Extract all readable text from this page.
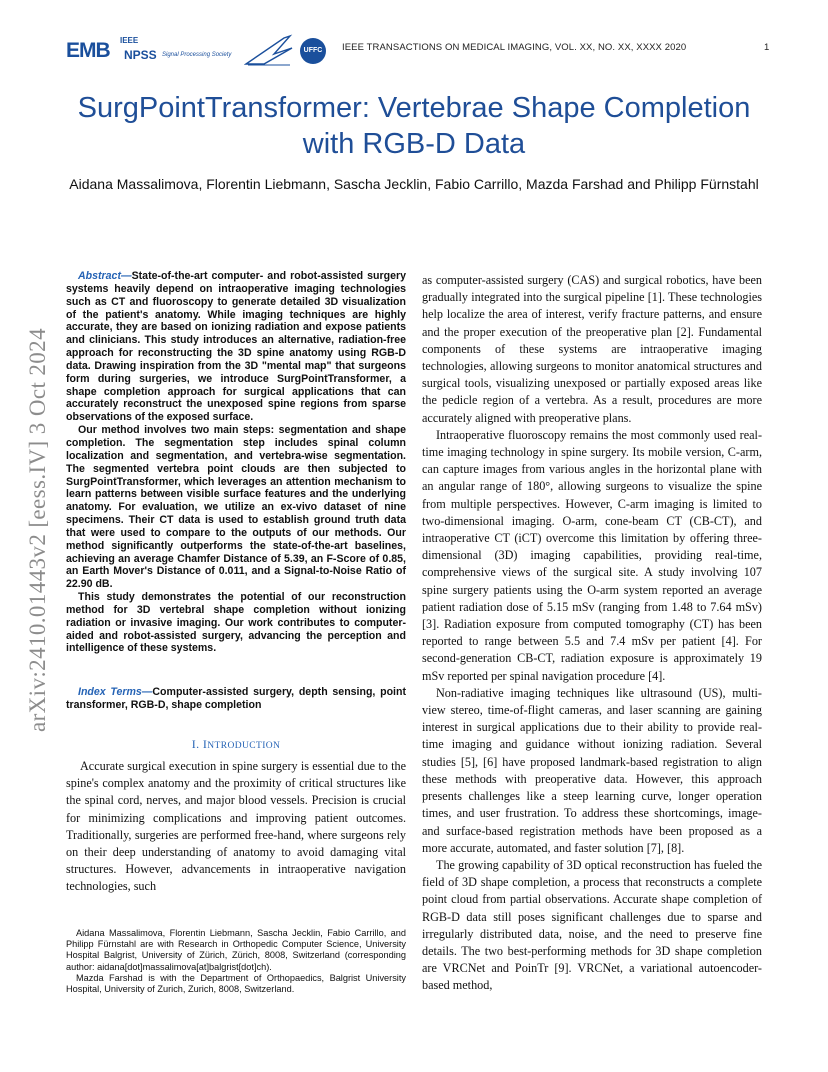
EMB IEEE
NPSS Signal Processing Society
UFFC	IEEE TRANSACTIONS ON MEDICAL IMAGING, VOL. XX, NO. XX, XXXX 2020	1
SurgPointTransformer: Vertebrae Shape Completion with RGB-D Data
Aidana Massalimova, Florentin Liebmann, Sascha Jecklin, Fabio Carrillo, Mazda Farshad and Philipp Fürnstahl
arXiv:2410.01443v2 [eess.IV] 3 Oct 2024

Abstract—State-of-the-art computer- and robot-assisted surgery systems heavily depend on intraoperative imaging technologies such as CT and fluoroscopy to generate detailed 3D visualization of the patient's anatomy. While imaging techniques are highly accurate, they are based on ionizing radiation and expose patients and clinicians. This study introduces an alternative, radiation-free approach for reconstructing the 3D spine anatomy using RGB-D data. Drawing inspiration from the 3D "mental map" that surgeons form during surgeries, we introduce SurgPointTransformer, a shape completion approach for surgical applications that can accurately reconstruct the unexposed spine regions from sparse observations of the exposed surface.

Our method involves two main steps: segmentation and shape completion. The segmentation step includes spinal column localization and segmentation, and vertebra-wise segmentation. The segmented vertebra point clouds are then subjected to SurgPointTransformer, which leverages an attention mechanism to learn patterns between visible surface features and the underlying anatomy. For evaluation, we utilize an ex-vivo dataset of nine specimens. Their CT data is used to establish ground truth data that were used to compare to the outputs of our methods. Our method significantly outperforms the state-of-the-art baselines, achieving an average Chamfer Distance of 5.39, an F-Score of 0.85, an Earth Mover's Distance of 0.011, and a Signal-to-Noise Ratio of 22.90 dB.

This study demonstrates the potential of our reconstruction method for 3D vertebral shape completion without ionizing radiation or invasive imaging. Our work contributes to computer-aided and robot-assisted surgery, advancing the perception and intelligence of these systems.

Index Terms—Computer-assisted surgery, depth sensing, point transformer, RGB-D, shape completion

I. INTRODUCTION

Accurate surgical execution in spine surgery is essential due to the spine's complex anatomy and the proximity of critical structures like the spinal cord, nerves, and major blood vessels. Precision is crucial for minimizing complications and improving patient outcomes. Traditionally, surgeries are performed free-hand, where surgeons rely on their deep understanding of anatomy to avoid damaging vital structures. However, advancements in intraoperative navigation technologies, such

Aidana Massalimova, Florentin Liebmann, Sascha Jecklin, Fabio Carrillo, and Philipp Fürnstahl are with Research in Orthopedic Computer Science, University Hospital Balgrist, University of Zürich, Zürich, 8008, Switzerland (corresponding author: aidana[dot]massalimova[at]balgrist[dot]ch).

Mazda Farshad is with the Department of Orthopaedics, Balgrist University Hospital, University of Zurich, Zurich, 8008, Switzerland.

as computer-assisted surgery (CAS) and surgical robotics, have been gradually integrated into the surgical pipeline [1]. These technologies help localize the area of interest, verify fracture patterns, and ensure and the proper execution of the preoperative plan [2]. Fundamental components of these systems are intraoperative imaging technologies, allowing surgeons to monitor anatomical structures and surgical tools, visualizing unexposed or partially exposed areas like the pedicle region of a vertebra. As a result, procedures are more accurately aligned with preoperative plans.

Intraoperative fluoroscopy remains the most commonly used real-time imaging technology in spine surgery. Its mobile version, C-arm, can capture images from various angles in the horizontal plane with an angular range of 180°, allowing surgeons to visualize the spine from multiple perspectives. However, C-arm imaging is limited to two-dimensional imaging. O-arm, cone-beam CT (CB-CT), and intraoperative CT (iCT) overcome this limitation by offering three-dimensional (3D) imaging capabilities, providing real-time, comprehensive views of the surgical site. A study involving 107 spine surgery patients using the O-arm system reported an average patient radiation dose of 5.15 mSv (ranging from 1.48 to 7.64 mSv) [3]. Radiation exposure from computed tomography (CT) has been reported to range between 5.5 and 7.4 mSv per patient [4]. For second-generation CB-CT, radiation exposure is approximately 19 mSv reported per spinal navigation procedure [4].

Non-radiative imaging techniques like ultrasound (US), multi-view stereo, time-of-flight cameras, and laser scanning are gaining interest in surgical applications due to their ability to provide real-time imaging and guidance without ionizing radiation. Several studies [5], [6] have proposed landmark-based registration to align these methods with preoperative data. However, this approach presents challenges like a steep learning curve, longer operation times, and user frustration. To address these shortcomings, image- and surface-based registration methods have been proposed as a more accurate, automated, and faster solution [7], [8].

The growing capability of 3D optical reconstruction has fueled the field of 3D shape completion, a process that reconstructs a complete point cloud from partial observations. Accurate shape completion of RGB-D data still poses significant challenges due to sparse and irregularly distributed data, noise, and the need to preserve fine details. The two best-performing methods for 3D shape completion are VRCNet and PoinTr [9]. VRCNet, a variational autoencoder-based method,
